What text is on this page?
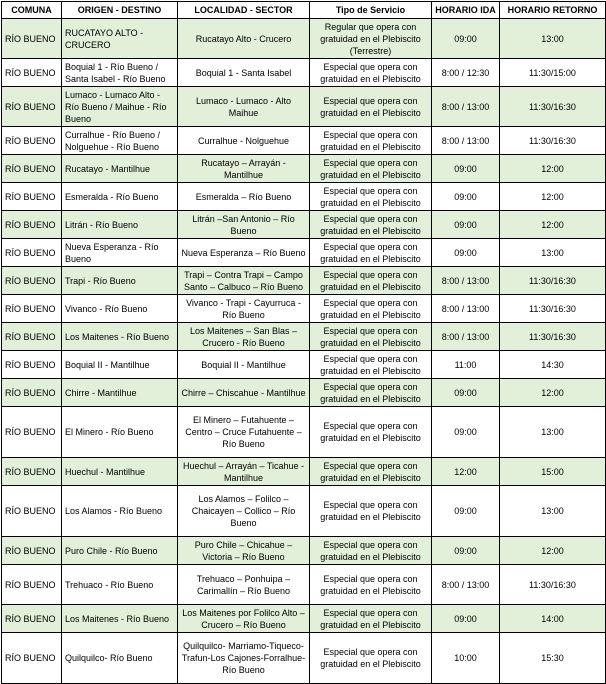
COMUNA	ORIGEN - DESTINO	LOCALIDAD - SECTOR	Tipo de Servicio	HORARIO IDA	HORARIO RETORNO
RÍO BUENO	RUCATAYO ALTO - CRUCERO	Rucatayo Alto - Crucero	Regular que opera con gratuidad en el Plebiscito (Terrestre)	09:00	13:00
RÍO BUENO	Boquial 1 - Río Bueno / Santa Isabel - Río Bueno	Boquial 1 - Santa Isabel	Especial que opera con gratuidad en el Plebiscito	8:00 / 12:30	11:30/15:00
RÍO BUENO	Lumaco - Lumaco Alto - Río Bueno / Maihue - Río Bueno	Lumaco - Lumaco - Alto Maihue	Especial que opera con gratuidad en el Plebiscito	8:00 / 13:00	11:30/16:30
RÍO BUENO	Curralhue - Río Bueno / Nolguehue - Río Bueno	Curralhue - Nolguehue	Especial que opera con gratuidad en el Plebiscito	8:00 / 13:00	11:30/16:30
RÍO BUENO	Rucatayo - Mantilhue	Rucatayo – Arrayán - Mantilhue	Especial que opera con gratuidad en el Plebiscito	09:00	12:00
RÍO BUENO	Esmeralda - Río Bueno	Esmeralda – Río Bueno	Especial que opera con gratuidad en el Plebiscito	09:00	12:00
RÍO BUENO	Litrán - Río Bueno	Litrán –San Antonio – Río Bueno	Especial que opera con gratuidad en el Plebiscito	09:00	12:00
RÍO BUENO	Nueva Esperanza - Río Bueno	Nueva Esperanza – Río Bueno	Especial que opera con gratuidad en el Plebiscito	09:00	13:00
RÍO BUENO	Trapi - Río Bueno	Trapi – Contra Trapi – Campo Santo – Calbuco – Río Bueno	Especial que opera con gratuidad en el Plebiscito	8:00 / 13:00	11:30/16:30
RÍO BUENO	Vivanco - Río Bueno	Vivanco - Trapi - Cayurruca - Río Bueno	Especial que opera con gratuidad en el Plebiscito	8:00 / 13:00	11:30/16:30
RÍO BUENO	Los Maitenes - Río Bueno	Los Maitenes – San Blas – Crucero - Río Bueno	Especial que opera con gratuidad en el Plebiscito	8:00 / 13:00	11:30/16:30
RÍO BUENO	Boquial II - Mantilhue	Boquial II - Mantilhue	Especial que opera con gratuidad en el Plebiscito	11:00	14:30
RÍO BUENO	Chirre - Mantilhue	Chirre – Chiscahue - Mantilhue	Especial que opera con gratuidad en el Plebiscito	09:00	12:00
RÍO BUENO	El Minero - Río Bueno	El Minero – Futahuente – Centro – Cruce Futahuente – Río Bueno	Especial que opera con gratuidad en el Plebiscito	09:00	13:00
RÍO BUENO	Huechul - Mantilhue	Huechul – Arrayán – Ticahue - Mantilhue	Especial que opera con gratuidad en el Plebiscito	12:00	15:00
RÍO BUENO	Los Alamos - Río Bueno	Los Alamos – Folilco – Chaicayen – Collico – Río Bueno	Especial que opera con gratuidad en el Plebiscito	09:00	13:00
RÍO BUENO	Puro Chile - Río Bueno	Puro Chile – Chicahue – Victoria – Río Bueno	Especial que opera con gratuidad en el Plebiscito	09:00	12:00
RÍO BUENO	Trehuaco - Río Bueno	Trehuaco – Ponhuipa – Carimallín – Río Bueno	Especial que opera con gratuidad en el Plebiscito	8:00 / 13:00	11:30/16:30
RÍO BUENO	Los Maitenes - Río Bueno	Los Maitenes por Folilco Alto – Crucero – Río Bueno	Especial que opera con gratuidad en el Plebiscito	09:00	14:00
RÍO BUENO	Quilquilco- Río Bueno	Quilquilco- Marriamo-Tiqueco-Trafun-Los Cajones-Forralhue-Río Bueno	Especial que opera con gratuidad en el Plebiscito	10:00	15:30
